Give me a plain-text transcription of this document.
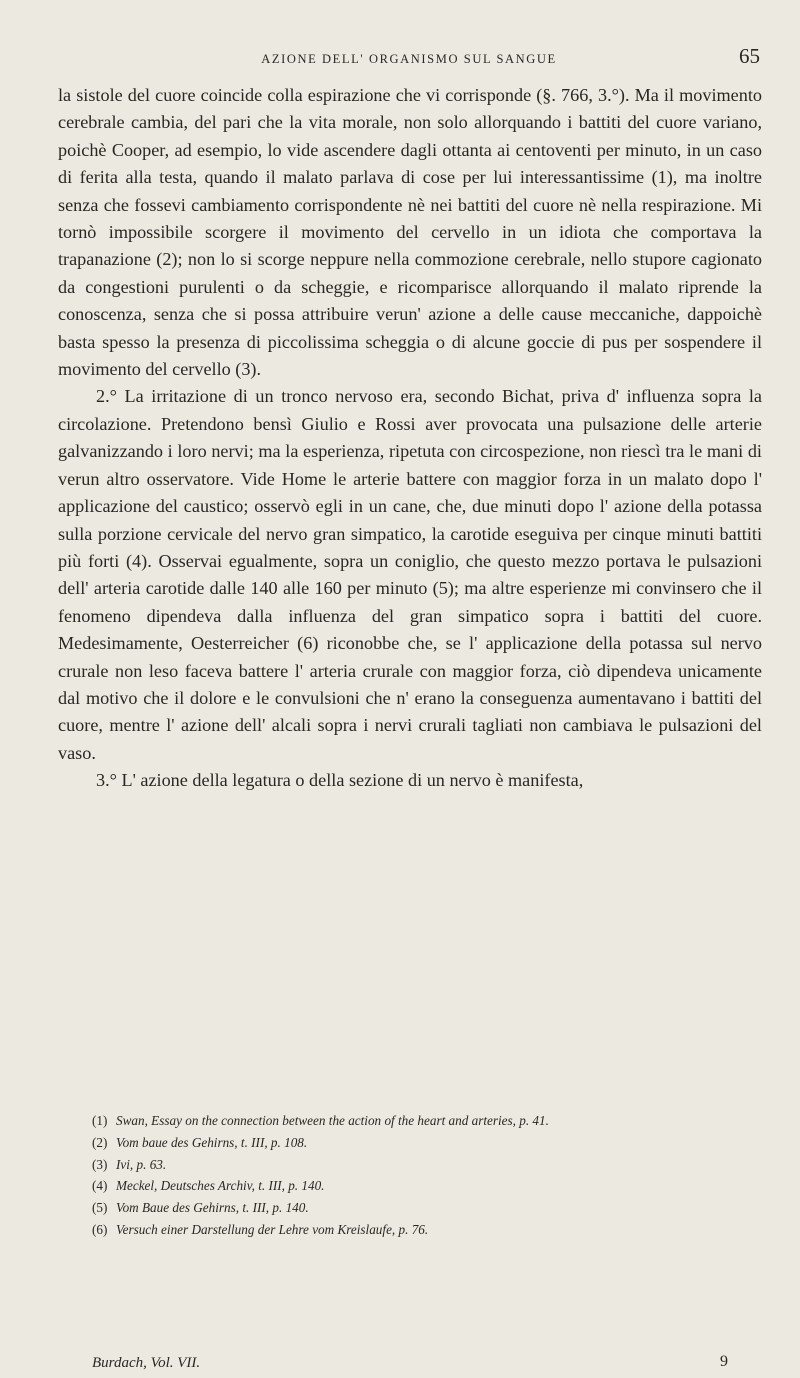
AZIONE DELL' ORGANISMO SUL SANGUE	65

la sistole del cuore coincide colla espirazione che vi corrisponde (§. 766, 3.°). Ma il movimento cerebrale cambia, del pari che la vita morale, non solo allorquando i battiti del cuore variano, poichè Cooper, ad esempio, lo vide ascendere dagli ottanta ai centoventi per minuto, in un caso di ferita alla testa, quando il malato parlava di cose per lui interessantissime (1), ma inoltre senza che fossevi cambiamento corrispondente nè nei battiti del cuore nè nella respirazione. Mi tornò impossibile scorgere il movimento del cervello in un idiota che comportava la trapanazione (2); non lo si scorge neppure nella commozione cerebrale, nello stupore cagionato da congestioni purulenti o da scheggie, e ricomparisce allorquando il malato riprende la conoscenza, senza che si possa attribuire verun' azione a delle cause meccaniche, dappoichè basta spesso la presenza di piccolissima scheggia o di alcune goccie di pus per sospendere il movimento del cervello (3).

2.° La irritazione di un tronco nervoso era, secondo Bichat, priva d' influenza sopra la circolazione. Pretendono bensì Giulio e Rossi aver provocata una pulsazione delle arterie galvanizzando i loro nervi; ma la esperienza, ripetuta con circospezione, non riescì tra le mani di verun altro osservatore. Vide Home le arterie battere con maggior forza in un malato dopo l' applicazione del caustico; osservò egli in un cane, che, due minuti dopo l' azione della potassa sulla porzione cervicale del nervo gran simpatico, la carotide eseguiva per cinque minuti battiti più forti (4). Osservai egualmente, sopra un coniglio, che questo mezzo portava le pulsazioni dell' arteria carotide dalle 140 alle 160 per minuto (5); ma altre esperienze mi convinsero che il fenomeno dipendeva dalla influenza del gran simpatico sopra i battiti del cuore. Medesimamente, Oesterreicher (6) riconobbe che, se l' applicazione della potassa sul nervo crurale non leso faceva battere l' arteria crurale con maggior forza, ciò dipendeva unicamente dal motivo che il dolore e le convulsioni che n' erano la conseguenza aumentavano i battiti del cuore, mentre l' azione dell' alcali sopra i nervi crurali tagliati non cambiava le pulsazioni del vaso.

3.° L' azione della legatura o della sezione di un nervo è manifesta,

(1) Swan, Essay on the connection between the action of the heart and arteries, p. 41.
(2) Vom baue des Gehirns, t. III, p. 108.
(3) Ivi, p. 63.
(4) Meckel, Deutsches Archiv, t. III, p. 140.
(5) Vom Baue des Gehirns, t. III, p. 140.
(6) Versuch einer Darstellung der Lehre vom Kreislaufe, p. 76.
Burdach, Vol. VII.	9
